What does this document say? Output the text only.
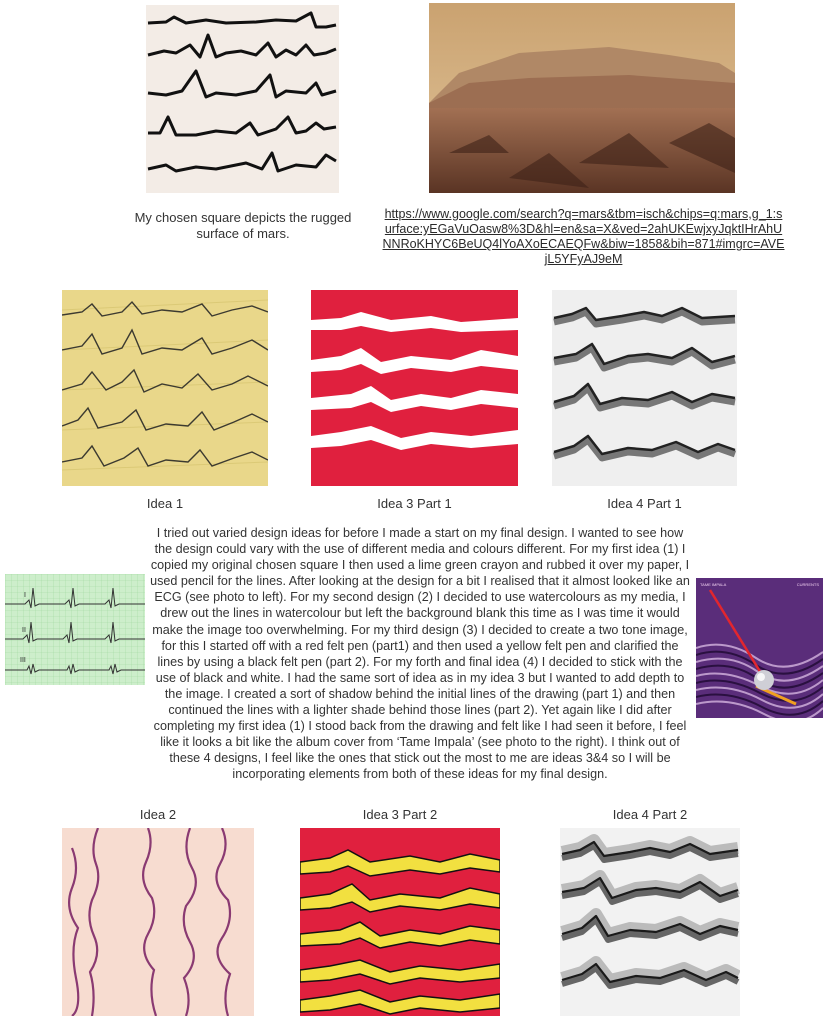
My chosen square depicts the rugged surface of mars.
https://www.google.com/search?q=mars&tbm=isch&chips=q:mars,g_1:surface:yEGaVuOasw8%3D&hl=en&sa=X&ved=2ahUKEwjxyJqktIHrAhUNNRoKHYC6BeUQ4lYoAXoECAEQFw&biw=1858&bih=871#imgrc=AVEjL5YFyAJ9eM
Idea 1	Idea 3 Part 1	Idea 4 Part 1
I
II
III
I tried out varied design ideas for before I made a start on my final design. I wanted to see how the design could vary with the use of different media and colours different. For my first idea (1) I copied my original chosen square I then used a lime green crayon and rubbed it over my paper, I used pencil for the lines. After looking at the design for a bit I realised that it almost looked like an ECG (see photo to left). For my second design (2) I decided to use watercolours as my media, I drew out the lines in watercolour but left the background blank this time as I was time it would make the image too overwhelming. For my third design (3) I decided to create a two tone image, for this I started off with a red felt pen (part1) and then used a yellow felt pen and clarified the lines by using a black felt pen (part 2). For my forth and final idea (4) I decided to stick with the use of black and white. I had the same sort of idea as in my idea 3 but I wanted to add depth to the image. I created a sort of shadow behind the initial lines of the drawing (part 1) and then continued the lines with a lighter shade behind those lines (part 2). Yet again like I did after completing my first idea (1) I stood back from the drawing and felt like I had seen it before, I feel like it looks a bit like the album cover from ‘Tame Impala’ (see photo to the right). I think out of these 4 designs, I feel like the ones that stick out the most to me are ideas 3&4 so I will be incorporating elements from both of these ideas for my final design.
TAME IMPALA	CURRENTS
Idea 2	Idea 3 Part 2	Idea 4 Part 2
